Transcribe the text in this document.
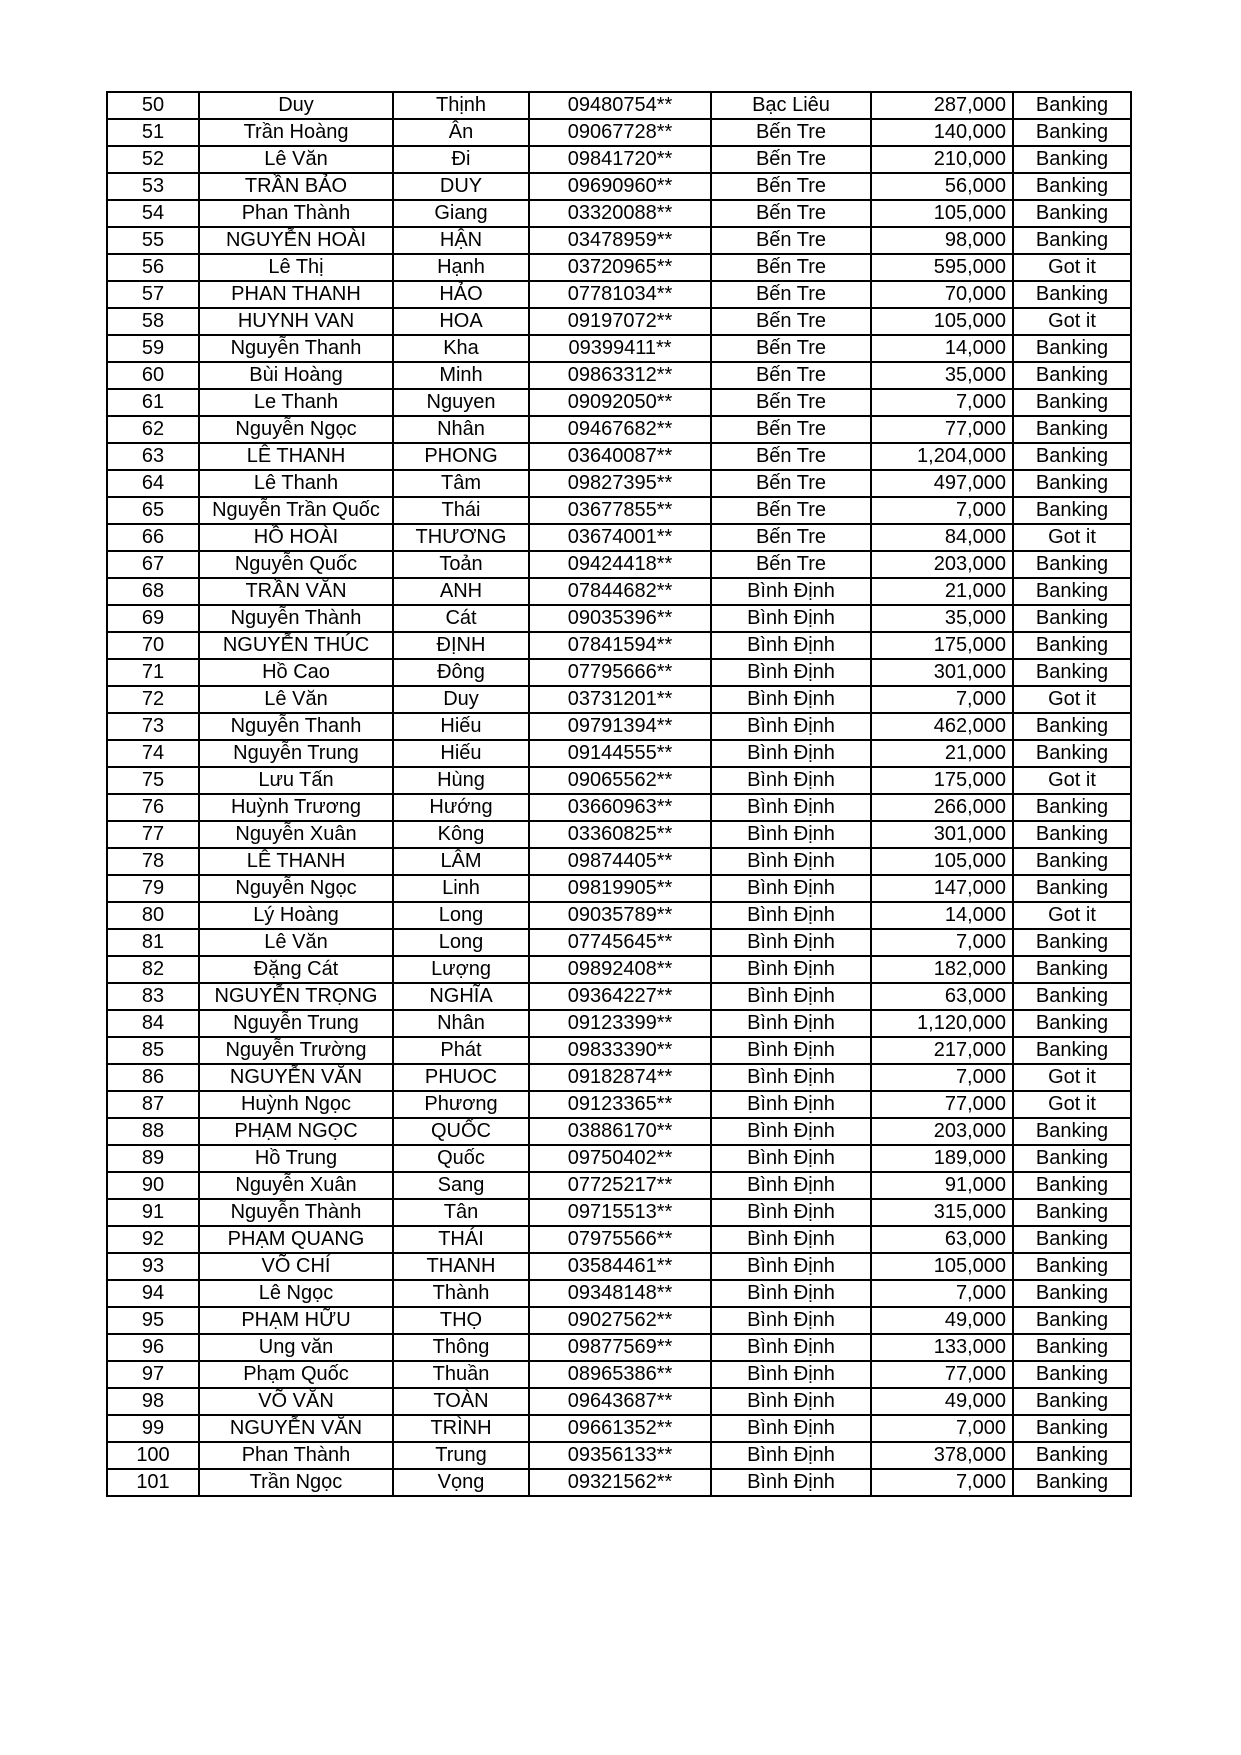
50	Duy	Thịnh	09480754**	Bạc Liêu	287,000	Banking
51	Trần Hoàng	Ân	09067728**	Bến Tre	140,000	Banking
52	Lê Văn	Đi	09841720**	Bến Tre	210,000	Banking
53	TRẦN BẢO	DUY	09690960**	Bến Tre	56,000	Banking
54	Phan Thành	Giang	03320088**	Bến Tre	105,000	Banking
55	NGUYỄN HOÀI	HẬN	03478959**	Bến Tre	98,000	Banking
56	Lê Thị	Hạnh	03720965**	Bến Tre	595,000	Got it
57	PHAN THANH	HẢO	07781034**	Bến Tre	70,000	Banking
58	HUYNH VAN	HOA	09197072**	Bến Tre	105,000	Got it
59	Nguyễn Thanh	Kha	09399411**	Bến Tre	14,000	Banking
60	Bùi Hoàng	Minh	09863312**	Bến Tre	35,000	Banking
61	Le Thanh	Nguyen	09092050**	Bến Tre	7,000	Banking
62	Nguyễn Ngọc	Nhân	09467682**	Bến Tre	77,000	Banking
63	LÊ THANH	PHONG	03640087**	Bến Tre	1,204,000	Banking
64	Lê Thanh	Tâm	09827395**	Bến Tre	497,000	Banking
65	Nguyễn Trần Quốc	Thái	03677855**	Bến Tre	7,000	Banking
66	HỒ HOÀI	THƯƠNG	03674001**	Bến Tre	84,000	Got it
67	Nguyễn Quốc	Toản	09424418**	Bến Tre	203,000	Banking
68	TRẦN VĂN	ANH	07844682**	Bình Định	21,000	Banking
69	Nguyễn Thành	Cát	09035396**	Bình Định	35,000	Banking
70	NGUYỄN THÚC	ĐỊNH	07841594**	Bình Định	175,000	Banking
71	Hồ Cao	Đông	07795666**	Bình Định	301,000	Banking
72	Lê Văn	Duy	03731201**	Bình Định	7,000	Got it
73	Nguyễn Thanh	Hiếu	09791394**	Bình Định	462,000	Banking
74	Nguyễn Trung	Hiếu	09144555**	Bình Định	21,000	Banking
75	Lưu Tấn	Hùng	09065562**	Bình Định	175,000	Got it
76	Huỳnh Trương	Hướng	03660963**	Bình Định	266,000	Banking
77	Nguyễn Xuân	Kông	03360825**	Bình Định	301,000	Banking
78	LÊ THANH	LÂM	09874405**	Bình Định	105,000	Banking
79	Nguyễn Ngọc	Linh	09819905**	Bình Định	147,000	Banking
80	Lý Hoàng	Long	09035789**	Bình Định	14,000	Got it
81	Lê Văn	Long	07745645**	Bình Định	7,000	Banking
82	Đặng Cát	Lượng	09892408**	Bình Định	182,000	Banking
83	NGUYỄN TRỌNG	NGHĨA	09364227**	Bình Định	63,000	Banking
84	Nguyễn Trung	Nhân	09123399**	Bình Định	1,120,000	Banking
85	Nguyễn Trường	Phát	09833390**	Bình Định	217,000	Banking
86	NGUYỄN VĂN	PHUOC	09182874**	Bình Định	7,000	Got it
87	Huỳnh Ngọc	Phương	09123365**	Bình Định	77,000	Got it
88	PHẠM NGỌC	QUỐC	03886170**	Bình Định	203,000	Banking
89	Hồ Trung	Quốc	09750402**	Bình Định	189,000	Banking
90	Nguyễn Xuân	Sang	07725217**	Bình Định	91,000	Banking
91	Nguyễn Thành	Tân	09715513**	Bình Định	315,000	Banking
92	PHẠM QUANG	THÁI	07975566**	Bình Định	63,000	Banking
93	VÕ CHÍ	THANH	03584461**	Bình Định	105,000	Banking
94	Lê Ngọc	Thành	09348148**	Bình Định	7,000	Banking
95	PHẠM HỮU	THỌ	09027562**	Bình Định	49,000	Banking
96	Ung văn	Thông	09877569**	Bình Định	133,000	Banking
97	Phạm Quốc	Thuần	08965386**	Bình Định	77,000	Banking
98	VÕ VĂN	TOÀN	09643687**	Bình Định	49,000	Banking
99	NGUYỄN VĂN	TRÌNH	09661352**	Bình Định	7,000	Banking
100	Phan Thành	Trung	09356133**	Bình Định	378,000	Banking
101	Trần Ngọc	Vọng	09321562**	Bình Định	7,000	Banking
